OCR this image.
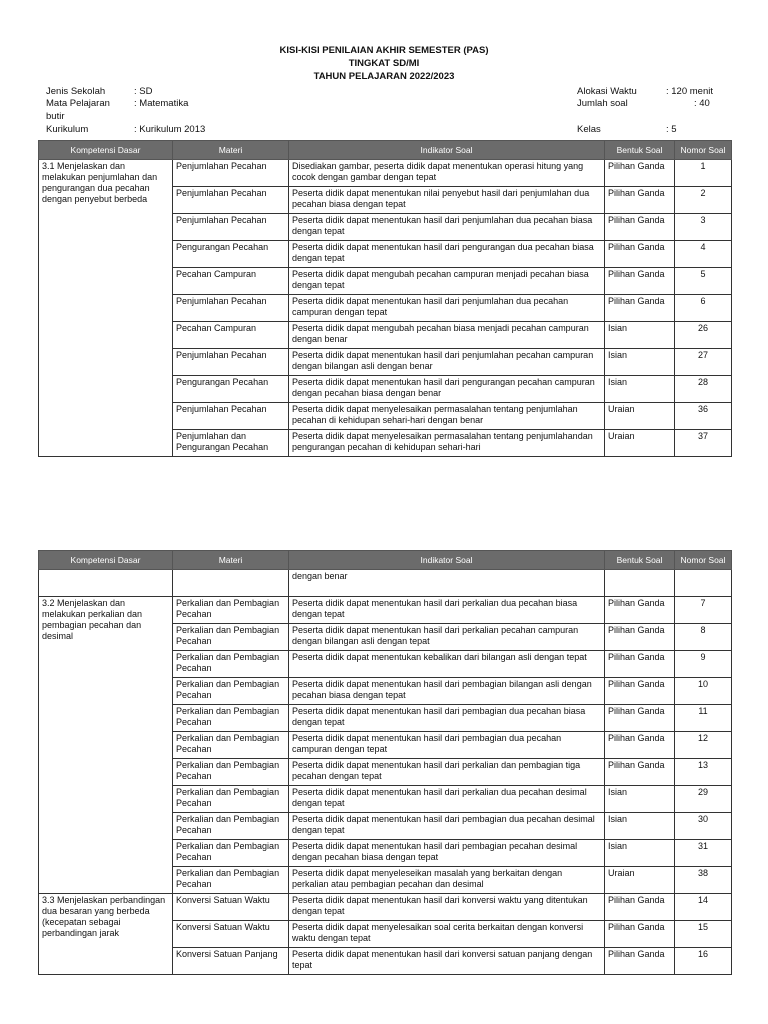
KISI-KISI PENILAIAN AKHIR SEMESTER (PAS)
TINGKAT SD/MI
TAHUN PELAJARAN 2022/2023
Jenis Sekolah	: SD
Mata Pelajaran
butir
: Matematika
Kurikulum	: Kurikulum 2013
Alokasi Waktu	: 120 menit
Jumlah soal	: 40
Kelas	: 5
Kompetensi Dasar	Materi	Indikator Soal	Bentuk Soal	Nomor Soal
3.1 Menjelaskan dan melakukan penjumlahan dan pengurangan dua pecahan dengan penyebut berbeda	Penjumlahan Pecahan	Disediakan gambar, peserta didik dapat menentukan operasi hitung yang cocok dengan gambar dengan tepat	Pilihan Ganda	1
	Penjumlahan Pecahan	Peserta didik dapat menentukan nilai penyebut hasil dari penjumlahan dua pecahan biasa dengan tepat	Pilihan Ganda	2
	Penjumlahan Pecahan	Peserta didik dapat menentukan hasil dari penjumlahan dua pecahan biasa dengan tepat	Pilihan Ganda	3
	Pengurangan Pecahan	Peserta didik dapat menentukan hasil dari pengurangan dua pecahan biasa dengan tepat	Pilihan Ganda	4
	Pecahan Campuran	Peserta didik dapat mengubah pecahan campuran menjadi pecahan biasa dengan tepat	Pilihan Ganda	5
	Penjumlahan Pecahan	Peserta didik dapat menentukan hasil dari penjumlahan dua pecahan campuran dengan tepat	Pilihan Ganda	6
	Pecahan Campuran	Peserta didik dapat mengubah pecahan biasa menjadi pecahan campuran dengan benar	Isian	26
	Penjumlahan Pecahan	Peserta didik dapat menentukan hasil dari penjumlahan pecahan campuran dengan bilangan asli dengan benar	Isian	27
	Pengurangan Pecahan	Peserta didik dapat menentukan hasil dari pengurangan pecahan campuran dengan pecahan biasa dengan benar	Isian	28
	Penjumlahan Pecahan	Peserta didik dapat menyelesaikan permasalahan tentang penjumlahan pecahan di kehidupan sehari-hari dengan benar	Uraian	36
	Penjumlahan dan Pengurangan Pecahan	Peserta didik dapat menyelesaikan permasalahan tentang penjumlahandan pengurangan pecahan di kehidupan sehari-hari	Uraian	37
Kompetensi Dasar	Materi	Indikator Soal	Bentuk Soal	Nomor Soal
		dengan benar		
3.2 Menjelaskan dan melakukan perkalian dan pembagian pecahan dan desimal	Perkalian dan Pembagian Pecahan	Peserta didik dapat menentukan hasil dari perkalian dua pecahan biasa dengan tepat	Pilihan Ganda	7
	Perkalian dan Pembagian Pecahan	Peserta didik dapat menentukan hasil dari perkalian pecahan campuran dengan bilangan asli dengan tepat	Pilihan Ganda	8
	Perkalian dan Pembagian Pecahan	Peserta didik dapat menentukan kebalikan dari bilangan asli dengan tepat	Pilihan Ganda	9
	Perkalian dan Pembagian Pecahan	Peserta didik dapat menentukan hasil dari pembagian bilangan asli dengan pecahan biasa dengan tepat	Pilihan Ganda	10
	Perkalian dan Pembagian Pecahan	Peserta didik dapat menentukan hasil dari pembagian dua pecahan biasa dengan tepat	Pilihan Ganda	11
	Perkalian dan Pembagian Pecahan	Peserta didik dapat menentukan hasil dari pembagian dua pecahan campuran dengan tepat	Pilihan Ganda	12
	Perkalian dan Pembagian Pecahan	Peserta didik dapat menentukan hasil dari perkalian dan pembagian tiga pecahan dengan tepat	Pilihan Ganda	13
	Perkalian dan Pembagian Pecahan	Peserta didik dapat menentukan hasil dari perkalian dua pecahan desimal dengan tepat	Isian	29
	Perkalian dan Pembagian Pecahan	Peserta didik dapat menentukan hasil dari pembagian dua pecahan desimal dengan tepat	Isian	30
	Perkalian dan Pembagian Pecahan	Peserta didik dapat menentukan hasil dari pembagian pecahan desimal dengan pecahan biasa dengan tepat	Isian	31
	Perkalian dan Pembagian Pecahan	Peserta didik dapat menyeleseikan masalah yang berkaitan dengan perkalian atau pembagian pecahan dan desimal	Uraian	38
3.3 Menjelaskan perbandingan dua besaran yang berbeda (kecepatan sebagai perbandingan jarak	Konversi Satuan Waktu	Peserta didik dapat menentukan hasil dari konversi waktu yang ditentukan dengan tepat	Pilihan Ganda	14
	Konversi Satuan Waktu	Peserta didik dapat menyelesaikan soal cerita berkaitan dengan konversi waktu dengan tepat	Pilihan Ganda	15
	Konversi Satuan Panjang	Peserta didik dapat menentukan hasil dari konversi satuan panjang dengan tepat	Pilihan Ganda	16
